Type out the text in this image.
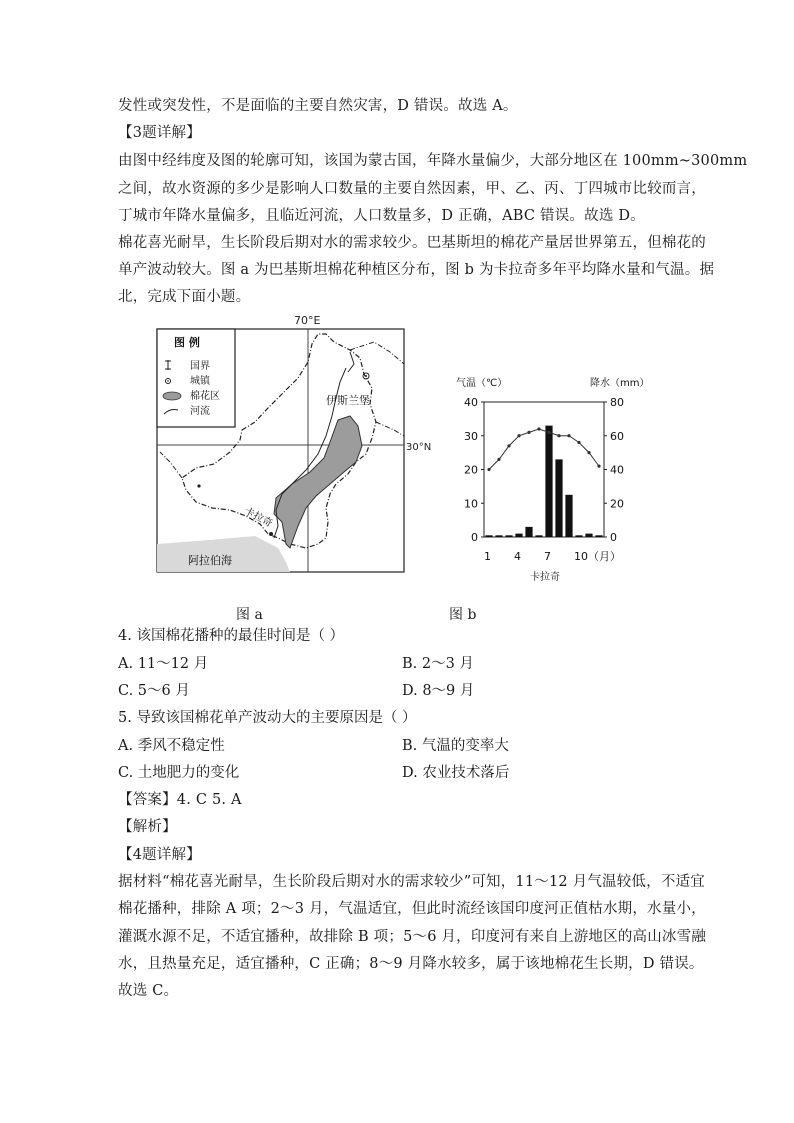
发性或突发性，不是面临的主要自然灾害，D 错误。故选 A。
【3题详解】
由图中经纬度及图的轮廓可知，该国为蒙古国，年降水量偏少，大部分地区在 100mm~300mm
之间，故水资源的多少是影响人口数量的主要自然因素，甲、乙、丙、丁四城市比较而言，
丁城市年降水量偏多，且临近河流，人口数量多，D 正确，ABC 错误。故选 D。
棉花喜光耐旱，生长阶段后期对水的需求较少。巴基斯坦的棉花产量居世界第五，但棉花的
单产波动较大。图 a 为巴基斯坦棉花种植区分布，图 b 为卡拉奇多年平均降水量和气温。据
北，完成下面小题。
70°E
30°N
阿拉伯海
伊斯兰堡
卡拉奇
图 例
国界
城镇
棉花区
河流
气温（℃）	降水（mm）
40
30
20
10
0
80
60
40
20
0
1 4 7 10（月）
卡拉奇
图 a	图 b
4. 该国棉花播种的最佳时间是（ ）
A. 11～12 月	B. 2～3 月
C. 5～6 月	D. 8～9 月
5. 导致该国棉花单产波动大的主要原因是（ ）
A. 季风不稳定性	B. 气温的变率大
C. 土地肥力的变化	D. 农业技术落后
【答案】4. C 5. A
【解析】
【4题详解】
据材料“棉花喜光耐旱，生长阶段后期对水的需求较少”可知，11～12 月气温较低，不适宜
棉花播种，排除 A 项；2～3 月，气温适宜，但此时流经该国印度河正值枯水期，水量小，
灌溉水源不足，不适宜播种，故排除 B 项；5～6 月，印度河有来自上游地区的高山冰雪融
水，且热量充足，适宜播种，C 正确；8～9 月降水较多，属于该地棉花生长期，D 错误。
故选 C。
